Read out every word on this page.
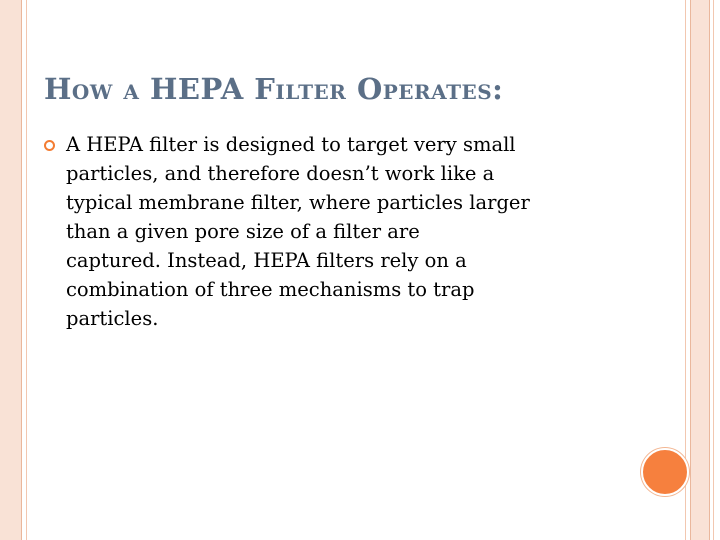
How a HEPA Filter Operates:
A HEPA filter is designed to target very small
particles, and therefore doesn’t work like a
typical membrane filter, where particles larger
than a given pore size of a filter are
captured. Instead, HEPA filters rely on a
combination of three mechanisms to trap
particles.
